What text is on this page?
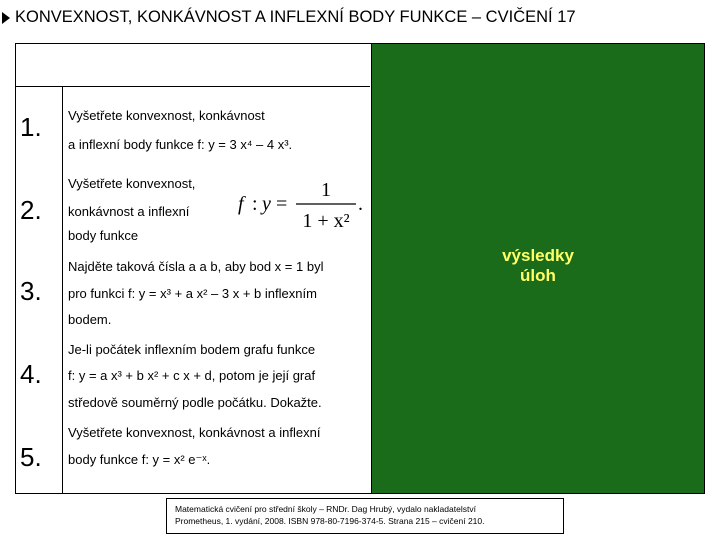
KONVEXNOST, KONKÁVNOST A INFLEXNÍ BODY FUNKCE – CVIČENÍ 17
výsledky
úloh
1.	Vyšetřete konvexnost, konkávnost
a inflexní body funkce f: y = 3 x⁴ – 4 x³.
2.
Vyšetřete konvexnost,
konkávnost a inflexní
body funkce
f : y =
1
1 + x²
.
3.
Najděte taková čísla a a b, aby bod x = 1 byl
pro funkci f: y = x³ + a x² – 3 x + b inflexním
bodem.
4.
Je-li počátek inflexním bodem grafu funkce
f: y = a x³ + b x² + c x + d, potom je její graf
středově souměrný podle počátku. Dokažte.
5.
Vyšetřete konvexnost, konkávnost a inflexní
body funkce f: y = x² e⁻ˣ.
Matematická cvičení pro střední školy – RNDr. Dag Hrubý, vydalo nakladatelství
Prometheus, 1. vydání, 2008. ISBN 978-80-7196-374-5. Strana 215 – cvičení 210.
